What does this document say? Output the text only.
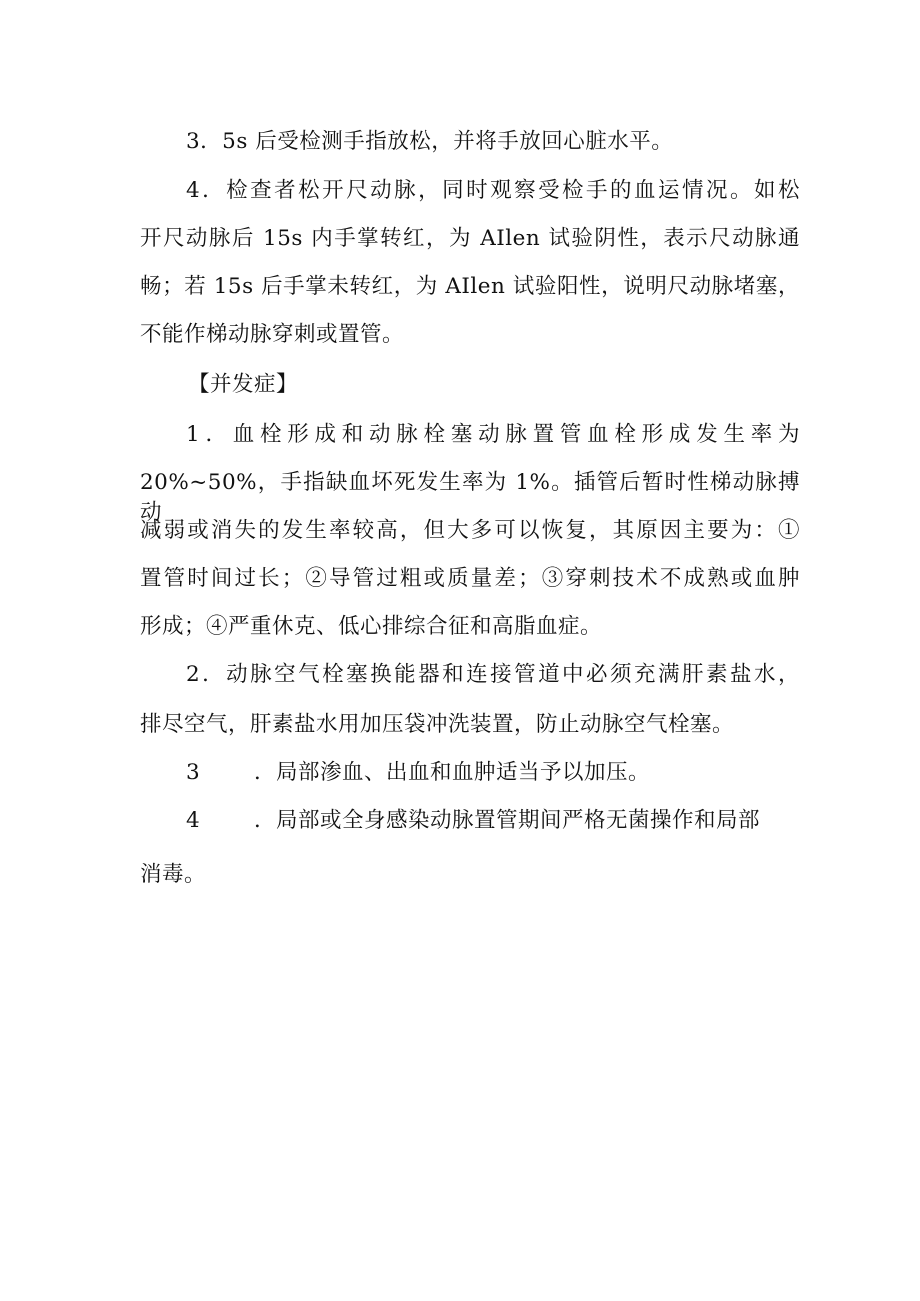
3．5s 后受检测手指放松，并将手放回心脏水平。
4．检查者松开尺动脉，同时观察受检手的血运情况。如松
开尺动脉后 15s 内手掌转红，为 AIlen 试验阴性，表示尺动脉通
畅；若 15s 后手掌未转红，为 AIlen 试验阳性，说明尺动脉堵塞，
不能作梯动脉穿刺或置管。
【并发症】
1．血栓形成和动脉栓塞动脉置管血栓形成发生率为
20%~50%，手指缺血坏死发生率为 1%。插管后暂时性梯动脉搏动
减弱或消失的发生率较高，但大多可以恢复，其原因主要为：①
置管时间过长；②导管过粗或质量差；③穿刺技术不成熟或血肿
形成；④严重休克、低心排综合征和高脂血症。
2．动脉空气栓塞换能器和连接管道中必须充满肝素盐水，
排尽空气，肝素盐水用加压袋冲洗装置，防止动脉空气栓塞。
3	．局部渗血、出血和血肿适当予以加压。
4	．局部或全身感染动脉置管期间严格无菌操作和局部
消毒。
